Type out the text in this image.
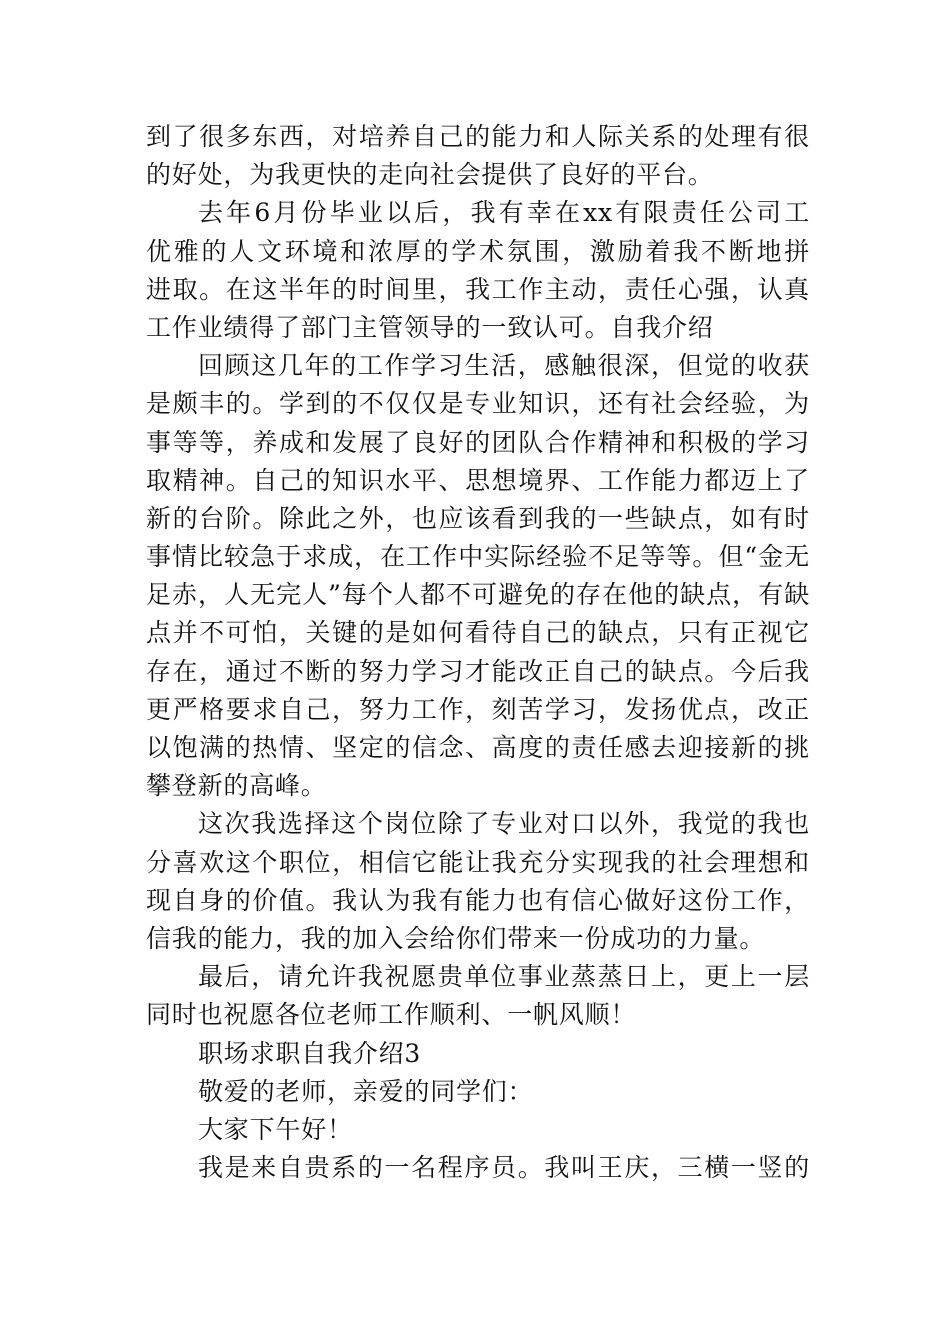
到了很多东西，对培养自己的能力和人际关系的处理有很
的好处，为我更快的走向社会提供了良好的平台。
去年6月份毕业以后，我有幸在xx有限责任公司工
优雅的人文环境和浓厚的学术氛围，激励着我不断地拼
进取。在这半年的时间里，我工作主动，责任心强，认真
工作业绩得了部门主管领导的一致认可。自我介绍
回顾这几年的工作学习生活，感触很深，但觉的收获
是颇丰的。学到的不仅仅是专业知识，还有社会经验，为
事等等，养成和发展了良好的团队合作精神和积极的学习
取精神。自己的知识水平、思想境界、工作能力都迈上了
新的台阶。除此之外，也应该看到我的一些缺点，如有时
事情比较急于求成，在工作中实际经验不足等等。但“金无
足赤，人无完人”每个人都不可避免的存在他的缺点，有缺
点并不可怕，关键的是如何看待自己的缺点，只有正视它
存在，通过不断的努力学习才能改正自己的缺点。今后我
更严格要求自己，努力工作，刻苦学习，发扬优点，改正
以饱满的热情、坚定的信念、高度的责任感去迎接新的挑
攀登新的高峰。
这次我选择这个岗位除了专业对口以外，我觉的我也
分喜欢这个职位，相信它能让我充分实现我的社会理想和
现自身的价值。我认为我有能力也有信心做好这份工作，
信我的能力，我的加入会给你们带来一份成功的力量。
最后，请允许我祝愿贵单位事业蒸蒸日上，更上一层
同时也祝愿各位老师工作顺利、一帆风顺！
职场求职自我介绍3
敬爱的老师，亲爱的同学们：
大家下午好！
我是来自贵系的一名程序员。我叫王庆，三横一竖的
